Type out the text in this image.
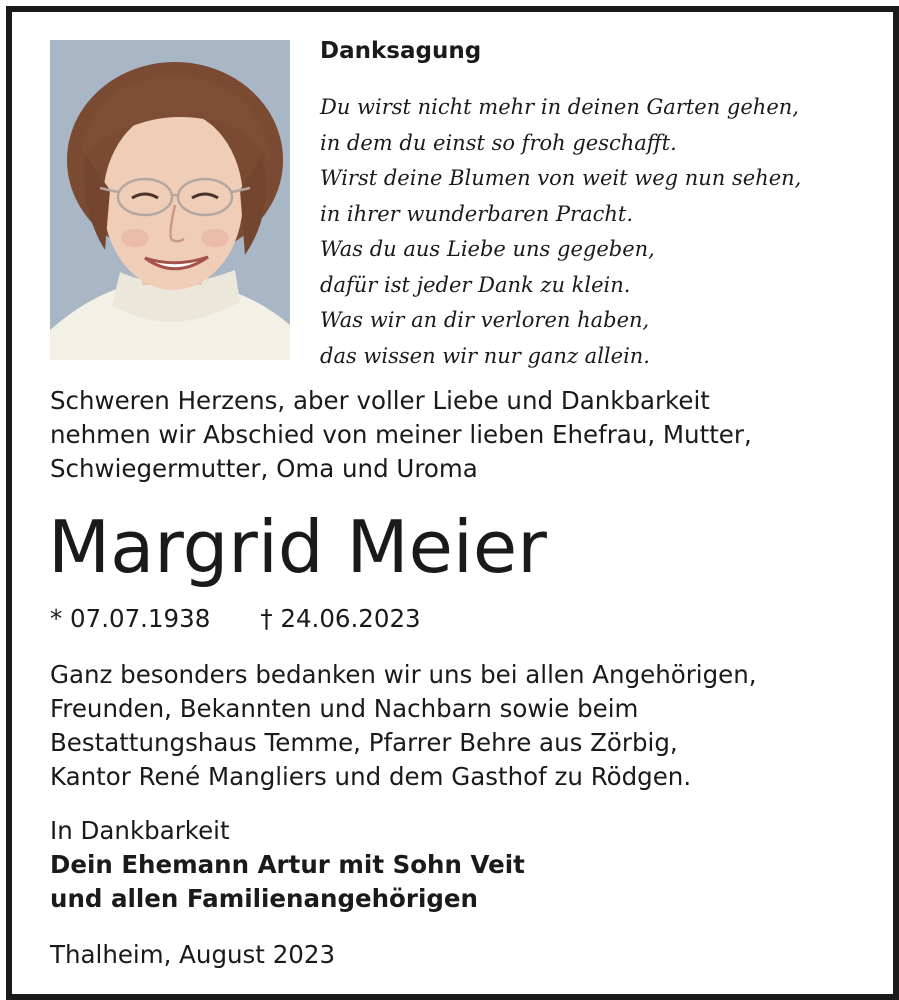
Danksagung
Du wirst nicht mehr in deinen Garten gehen,
in dem du einst so froh geschafft.
Wirst deine Blumen von weit weg nun sehen,
in ihrer wunderbaren Pracht.
Was du aus Liebe uns gegeben,
dafür ist jeder Dank zu klein.
Was wir an dir verloren haben,
das wissen wir nur ganz allein.
Schweren Herzens, aber voller Liebe und Dankbarkeit
nehmen wir Abschied von meiner lieben Ehefrau, Mutter,
Schwiegermutter, Oma und Uroma
Margrid Meier
* 07.07.1938 † 24.06.2023
Ganz besonders bedanken wir uns bei allen Angehörigen,
Freunden, Bekannten und Nachbarn sowie beim
Bestattungshaus Temme, Pfarrer Behre aus Zörbig,
Kantor René Mangliers und dem Gasthof zu Rödgen.
In Dankbarkeit
Dein Ehemann Artur mit Sohn Veit
und allen Familienangehörigen
Thalheim, August 2023
